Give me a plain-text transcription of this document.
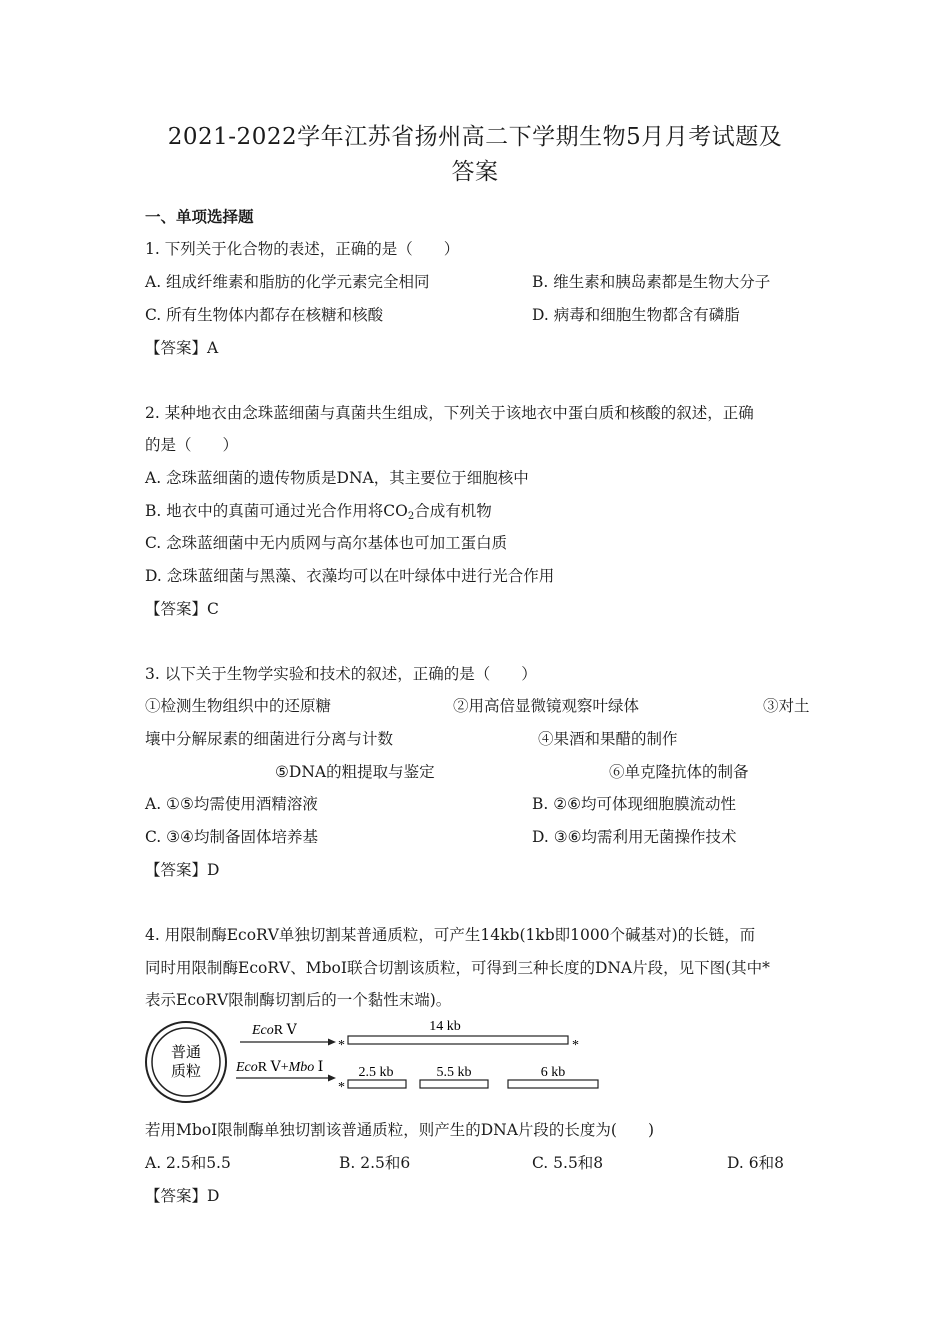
2021-2022学年江苏省扬州高二下学期生物5月月考试题及
答案
一、单项选择题
1. 下列关于化合物的表述，正确的是（　　）
A. 组成纤维素和脂肪的化学元素完全相同	B. 维生素和胰岛素都是生物大分子
C. 所有生物体内都存在核糖和核酸	D. 病毒和细胞生物都含有磷脂
【答案】A
2. 某种地衣由念珠蓝细菌与真菌共生组成，下列关于该地衣中蛋白质和核酸的叙述，正确
的是（　　）
A. 念珠蓝细菌的遗传物质是DNA，其主要位于细胞核中
B. 地衣中的真菌可通过光合作用将$CO_2$合成有机物
C. 念珠蓝细菌中无内质网与高尔基体也可加工蛋白质
D. 念珠蓝细菌与黑藻、衣藻均可以在叶绿体中进行光合作用
【答案】C
3. 以下关于生物学实验和技术的叙述，正确的是（　　）
①检测生物组织中的还原糖	②用高倍显微镜观察叶绿体	③对土
壤中分解尿素的细菌进行分离与计数	④果酒和果醋的制作
⑤DNA的粗提取与鉴定	⑥单克隆抗体的制备
A. ①⑤均需使用酒精溶液	B. ②⑥均可体现细胞膜流动性
C. ③④均制备固体培养基	D. ③⑥均需利用无菌操作技术
【答案】D
4. 用限制酶EcoRⅤ单独切割某普通质粒，可产生14kb(1kb即1000个碱基对)的长链，而
同时用限制酶EcoRⅤ、MboⅠ联合切割该质粒，可得到三种长度的DNA片段，见下图(其中*
表示EcoRⅤ限制酶切割后的一个黏性末端)。
普通
质粒
EcoR Ⅴ
*	*
14 kb
EcoR Ⅴ+Mbo Ⅰ
*
2.5 kb	5.5 kb	6 kb
若用MboⅠ限制酶单独切割该普通质粒，则产生的DNA片段的长度为(　　)
A. 2.5和5.5	B. 2.5和6	C. 5.5和8	D. 6和8
【答案】D
